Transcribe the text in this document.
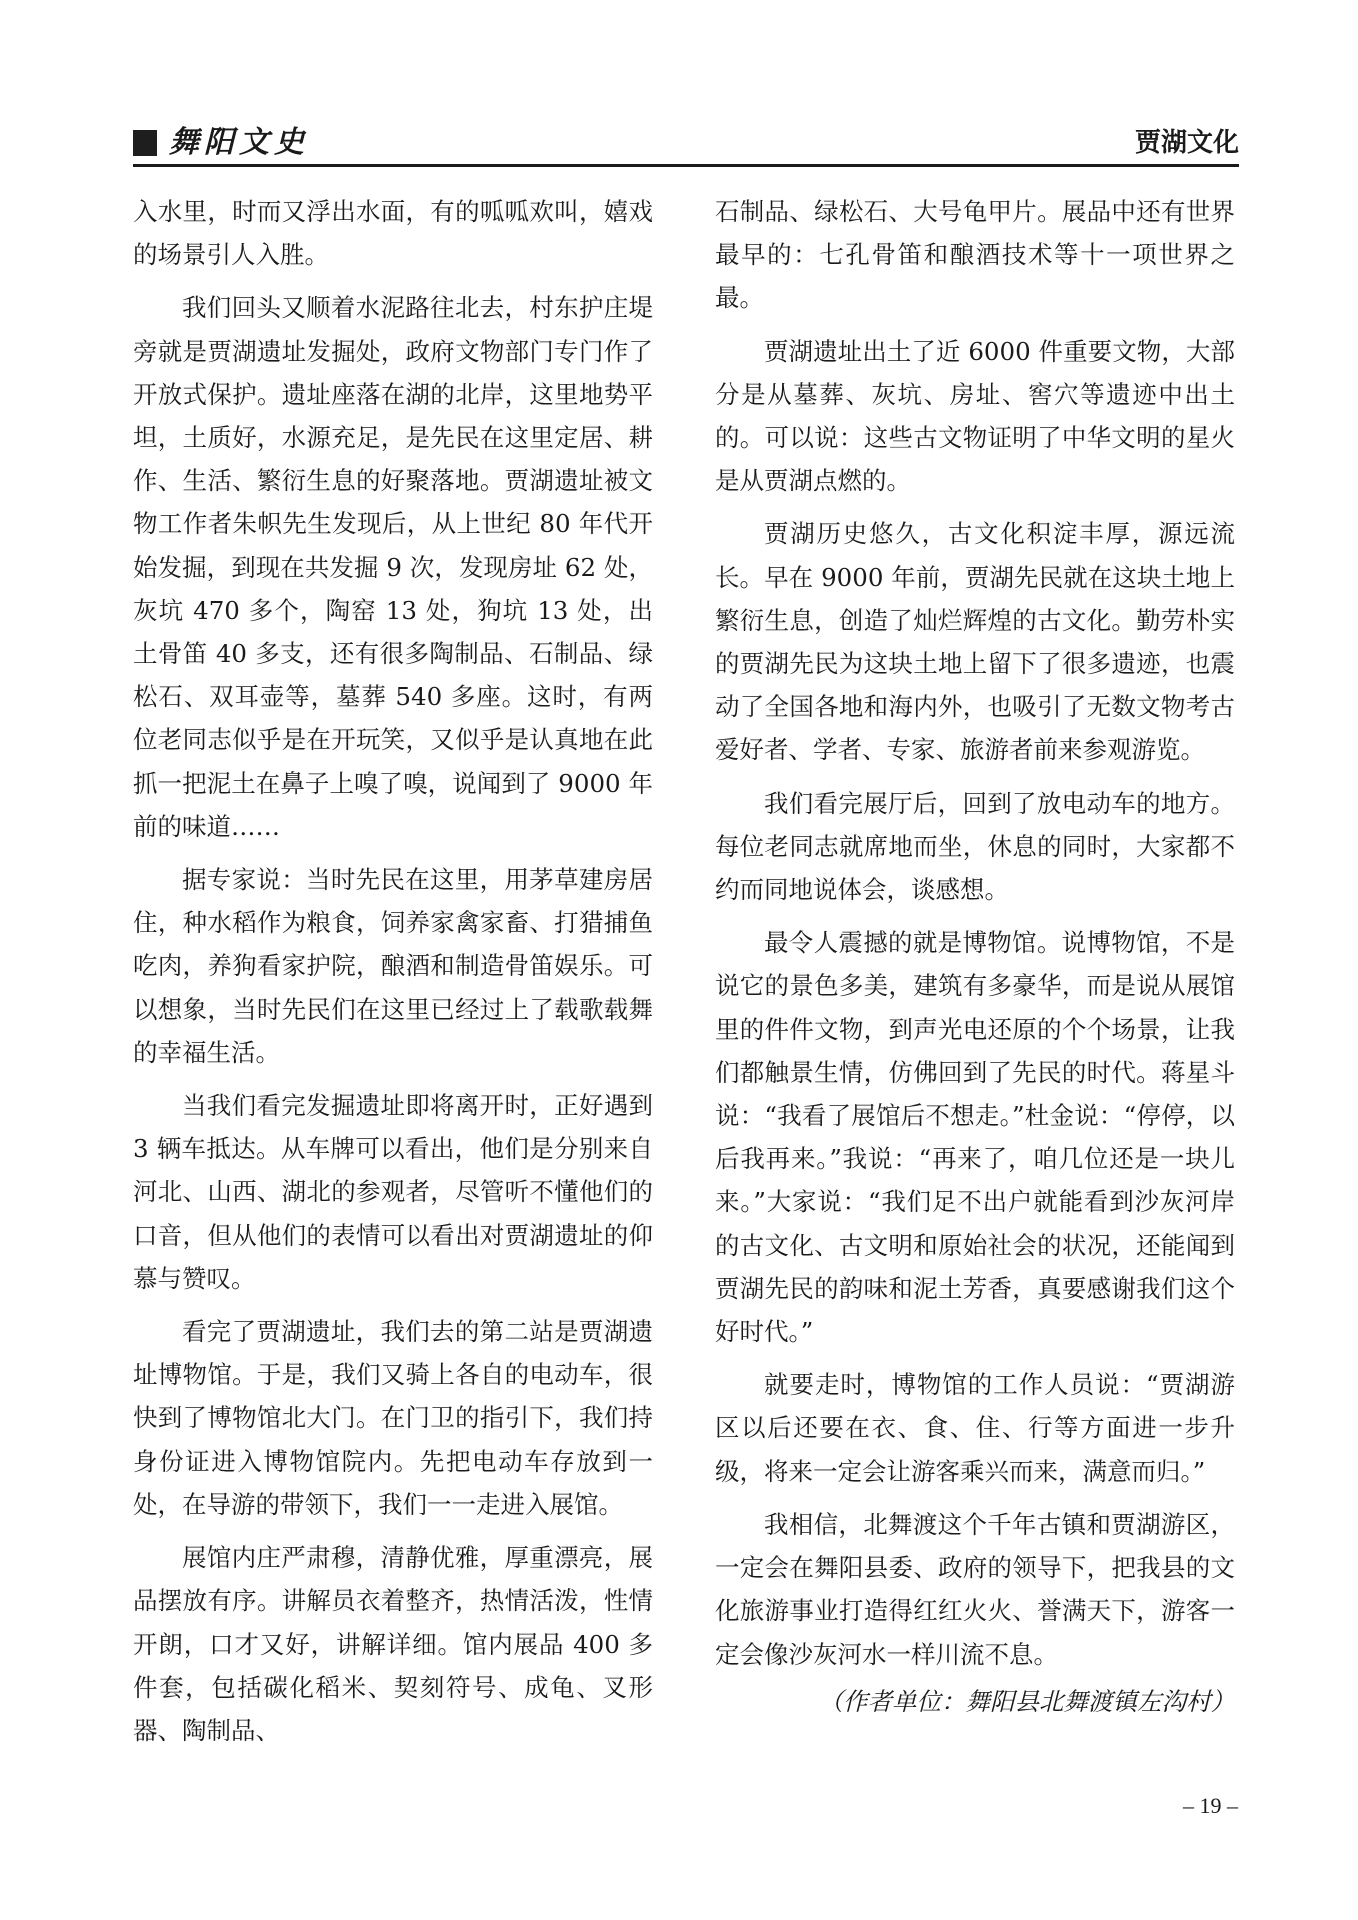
舞阳文史	贾湖文化

入水里，时而又浮出水面，有的呱呱欢叫，嬉戏的场景引人入胜。

我们回头又顺着水泥路往北去，村东护庄堤旁就是贾湖遗址发掘处，政府文物部门专门作了开放式保护。遗址座落在湖的北岸，这里地势平坦，土质好，水源充足，是先民在这里定居、耕作、生活、繁衍生息的好聚落地。贾湖遗址被文物工作者朱帜先生发现后，从上世纪 80 年代开始发掘，到现在共发掘 9 次，发现房址 62 处，灰坑 470 多个，陶窑 13 处，狗坑 13 处，出土骨笛 40 多支，还有很多陶制品、石制品、绿松石、双耳壶等，墓葬 540 多座。这时，有两位老同志似乎是在开玩笑，又似乎是认真地在此抓一把泥土在鼻子上嗅了嗅，说闻到了 9000 年前的味道……

据专家说：当时先民在这里，用茅草建房居住，种水稻作为粮食，饲养家禽家畜、打猎捕鱼吃肉，养狗看家护院，酿酒和制造骨笛娱乐。可以想象，当时先民们在这里已经过上了载歌载舞的幸福生活。

当我们看完发掘遗址即将离开时，正好遇到 3 辆车抵达。从车牌可以看出，他们是分别来自河北、山西、湖北的参观者，尽管听不懂他们的口音，但从他们的表情可以看出对贾湖遗址的仰慕与赞叹。

看完了贾湖遗址，我们去的第二站是贾湖遗址博物馆。于是，我们又骑上各自的电动车，很快到了博物馆北大门。在门卫的指引下，我们持身份证进入博物馆院内。先把电动车存放到一处，在导游的带领下，我们一一走进入展馆。

展馆内庄严肃穆，清静优雅，厚重漂亮，展品摆放有序。讲解员衣着整齐，热情活泼，性情开朗，口才又好，讲解详细。馆内展品 400 多件套，包括碳化稻米、契刻符号、成龟、叉形器、陶制品、

石制品、绿松石、大号龟甲片。展品中还有世界最早的：七孔骨笛和酿酒技术等十一项世界之最。

贾湖遗址出土了近 6000 件重要文物，大部分是从墓葬、灰坑、房址、窖穴等遗迹中出土的。可以说：这些古文物证明了中华文明的星火是从贾湖点燃的。

贾湖历史悠久，古文化积淀丰厚，源远流长。早在 9000 年前，贾湖先民就在这块土地上繁衍生息，创造了灿烂辉煌的古文化。勤劳朴实的贾湖先民为这块土地上留下了很多遗迹，也震动了全国各地和海内外，也吸引了无数文物考古爱好者、学者、专家、旅游者前来参观游览。

我们看完展厅后，回到了放电动车的地方。每位老同志就席地而坐，休息的同时，大家都不约而同地说体会，谈感想。

最令人震撼的就是博物馆。说博物馆，不是说它的景色多美，建筑有多豪华，而是说从展馆里的件件文物，到声光电还原的个个场景，让我们都触景生情，仿佛回到了先民的时代。蒋星斗说：“我看了展馆后不想走。”杜金说：“停停，以后我再来。”我说：“再来了，咱几位还是一块儿来。”大家说：“我们足不出户就能看到沙灰河岸的古文化、古文明和原始社会的状况，还能闻到贾湖先民的韵味和泥土芳香，真要感谢我们这个好时代。”

就要走时，博物馆的工作人员说：“贾湖游区以后还要在衣、食、住、行等方面进一步升级，将来一定会让游客乘兴而来，满意而归。”

我相信，北舞渡这个千年古镇和贾湖游区，一定会在舞阳县委、政府的领导下，把我县的文化旅游事业打造得红红火火、誉满天下，游客一定会像沙灰河水一样川流不息。

（作者单位：舞阳县北舞渡镇左沟村）

– 19 –
